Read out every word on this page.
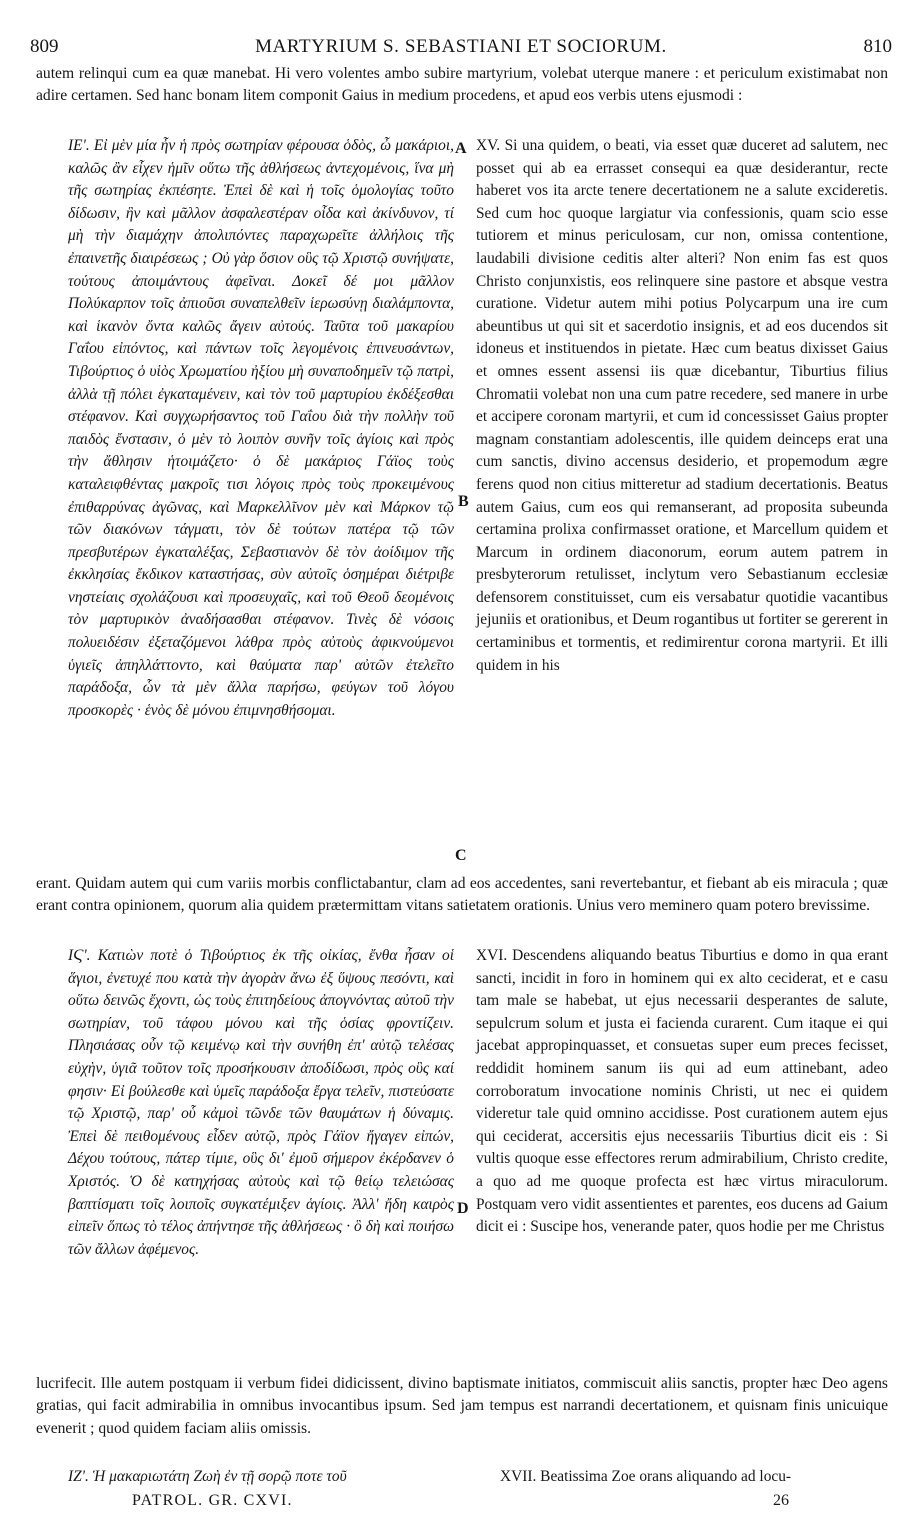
809	MARTYRIUM S. SEBASTIANI ET SOCIORUM.	810

autem relinqui cum ea quæ manebat. Hi vero volentes ambo subire martyrium, volebat uterque manere : et periculum existimabat non adire certamen. Sed hanc bonam litem componit Gaius in medium procedens, et apud eos verbis utens ejusmodi :

ΙΕ'. Εἰ μὲν μία ἦν ἡ πρὸς σωτηρίαν φέρουσα ὁδὸς, ὦ μακάριοι, καλῶς ἂν εἶχεν ἡμῖν οὕτω τῆς ἀθλήσεως ἀντεχομένοις, ἵνα μὴ τῆς σωτηρίας ἐκπέσητε. Ἐπεὶ δὲ καὶ ἡ τοῖς ὁμολογίας τοῦτο δίδωσιν, ἣν καὶ μᾶλλον ἀσφαλεστέραν οἶδα καὶ ἀκίνδυνον, τί μὴ τὴν διαμάχην ἀπολιπόντες παραχωρεῖτε ἀλλήλοις τῆς ἐπαινετῆς διαιρέσεως ; Οὐ γὰρ ὅσιον οὓς τῷ Χριστῷ συνήψατε, τούτους ἀποιμάντους ἀφεῖναι. Δοκεῖ δέ μοι μᾶλλον Πολύκαρπον τοῖς ἀπιοῦσι συναπελθεῖν ἱερωσύνῃ διαλάμποντα, καὶ ἱκανὸν ὄντα καλῶς ἄγειν αὐτούς. Ταῦτα τοῦ μακαρίου Γαΐου εἰπόντος, καὶ πάντων τοῖς λεγομένοις ἐπινευσάντων, Τιβούρτιος ὁ υἱὸς Χρωματίου ἠξίου μὴ συναποδημεῖν τῷ πατρὶ, ἀλλὰ τῇ πόλει ἐγκαταμένειν, καὶ τὸν τοῦ μαρτυρίου ἐκδέξεσθαι στέφανον. Καὶ συγχωρήσαντος τοῦ Γαΐου διὰ τὴν πολλὴν τοῦ παιδὸς ἔνστασιν, ὁ μὲν τὸ λοιπὸν συνῆν τοῖς ἁγίοις καὶ πρὸς τὴν ἄθλησιν ἡτοιμάζετο· ὁ δὲ μακάριος Γάϊος τοὺς καταλειφθέντας μακροῖς τισι λόγοις πρὸς τοὺς προκειμένους ἐπιθαρρύνας ἀγῶνας, καὶ Μαρκελλῖνον μὲν καὶ Μάρκον τῷ τῶν διακόνων τάγματι, τὸν δὲ τούτων πατέρα τῷ τῶν πρεσβυτέρων ἐγκαταλέξας, Σεβαστιανὸν δὲ τὸν ἀοίδιμον τῆς ἐκκλησίας ἔκδικον καταστήσας, σὺν αὐτοῖς ὁσημέραι διέτριβε νηστείαις σχολάζουσι καὶ προσευχαῖς, καὶ τοῦ Θεοῦ δεομένοις τὸν μαρτυρικὸν ἀναδήσασθαι στέφανον. Τινὲς δὲ νόσοις πολυειδέσιν ἐξεταζόμενοι λάθρα πρὸς αὐτοὺς ἀφικνούμενοι ὑγιεῖς ἀπηλλάττοντο, καὶ θαύματα παρ' αὐτῶν ἐτελεῖτο παράδοξα, ὧν τὰ μὲν ἄλλα παρήσω, φεύγων τοῦ λόγου προσκορὲς · ἑνὸς δὲ μόνου ἐπιμνησθήσομαι.

XV. Si una quidem, o beati, via esset quæ duceret ad salutem, nec posset qui ab ea errasset consequi ea quæ desiderantur, recte haberet vos ita arcte tenere decertationem ne a salute excideretis. Sed cum hoc quoque largiatur via confessionis, quam scio esse tutiorem et minus periculosam, cur non, omissa contentione, laudabili divisione ceditis alter alteri? Non enim fas est quos Christo conjunxistis, eos relinquere sine pastore et absque vestra curatione. Videtur autem mihi potius Polycarpum una ire cum abeuntibus ut qui sit et sacerdotio insignis, et ad eos ducendos sit idoneus et instituendos in pietate. Hæc cum beatus dixisset Gaius et omnes essent assensi iis quæ dicebantur, Tiburtius filius Chromatii volebat non una cum patre recedere, sed manere in urbe et accipere coronam martyrii, et cum id concessisset Gaius propter magnam constantiam adolescentis, ille quidem deinceps erat una cum sanctis, divino accensus desiderio, et propemodum ægre ferens quod non citius mitteretur ad stadium decertationis. Beatus autem Gaius, cum eos qui remanserant, ad proposita subeunda certamina prolixa confirmasset oratione, et Marcellum quidem et Marcum in ordinem diaconorum, eorum autem patrem in presbyterorum retulisset, inclytum vero Sebastianum ecclesiæ defensorem constituisset, cum eis versabatur quotidie vacantibus jejuniis et orationibus, et Deum rogantibus ut fortiter se gererent in certaminibus et tormentis, et redimirentur corona martyrii. Et illi quidem in his

A
B
C

erant. Quidam autem qui cum variis morbis conflictabantur, clam ad eos accedentes, sani revertebantur, et fiebant ab eis miracula ; quæ erant contra opinionem, quorum alia quidem prætermittam vitans satietatem orationis. Unius vero meminero quam potero brevissime.

ΙϚ'. Κατιὼν ποτὲ ὁ Τιβούρτιος ἐκ τῆς οἰκίας, ἔνθα ἦσαν οἱ ἅγιοι, ἐνετυχέ που κατὰ τὴν ἀγορὰν ἄνω ἐξ ὕψους πεσόντι, καὶ οὕτω δεινῶς ἔχοντι, ὡς τοὺς ἐπιτηδείους ἀπογνόντας αὐτοῦ τὴν σωτηρίαν, τοῦ τάφου μόνου καὶ τῆς ὁσίας φροντίζειν. Πλησιάσας οὖν τῷ κειμένῳ καὶ τὴν συνήθη ἐπ' αὐτῷ τελέσας εὐχὴν, ὑγιᾶ τοῦτον τοῖς προσήκουσιν ἀποδίδωσι, πρὸς οὓς καί φησιν· Εἰ βούλεσθε καὶ ὑμεῖς παράδοξα ἔργα τελεῖν, πιστεύσατε τῷ Χριστῷ, παρ' οὗ κἀμοὶ τῶνδε τῶν θαυμάτων ἡ δύναμις. Ἐπεὶ δὲ πειθομένους εἶδεν αὐτῷ, πρὸς Γάϊον ἤγαγεν εἰπών, Δέχου τούτους, πάτερ τίμιε, οὓς δι' ἐμοῦ σήμερον ἐκέρδανεν ὁ Χριστός. Ὁ δὲ κατηχήσας αὐτοὺς καὶ τῷ θείῳ τελειώσας βαπτίσματι τοῖς λοιποῖς συγκατέμιξεν ἁγίοις. Ἀλλ' ἤδη καιρὸς εἰπεῖν ὅπως τὸ τέλος ἀπήντησε τῆς ἀθλήσεως · ὃ δὴ καὶ ποιήσω τῶν ἄλλων ἀφέμενος.

XVI. Descendens aliquando beatus Tiburtius e domo in qua erant sancti, incidit in foro in hominem qui ex alto ceciderat, et e casu tam male se habebat, ut ejus necessarii desperantes de salute, sepulcrum solum et justa ei facienda curarent. Cum itaque ei qui jacebat appropinquasset, et consuetas super eum preces fecisset, reddidit hominem sanum iis qui ad eum attinebant, adeo corroboratum invocatione nominis Christi, ut nec ei quidem videretur tale quid omnino accidisse. Post curationem autem ejus qui ceciderat, accersitis ejus necessariis Tiburtius dicit eis : Si vultis quoque esse effectores rerum admirabilium, Christo credite, a quo ad me quoque profecta est hæc virtus miraculorum. Postquam vero vidit assentientes et parentes, eos ducens ad Gaium dicit ei : Suscipe hos, venerande pater, quos hodie per me Christus

D

lucrifecit. Ille autem postquam ii verbum fidei didicissent, divino baptismate initiatos, commiscuit aliis sanctis, propter hæc Deo agens gratias, qui facit admirabilia in omnibus invocantibus ipsum. Sed jam tempus est narrandi decertationem, et quisnam finis unicuique evenerit ; quod quidem faciam aliis omissis.

ΙΖ'. Ἡ μακαριωτάτη Ζωὴ ἐν τῇ σορῷ ποτε τοῦ	XVII. Beatissima Zoe orans aliquando ad locu-
PATROL. GR. CXVI.	26
